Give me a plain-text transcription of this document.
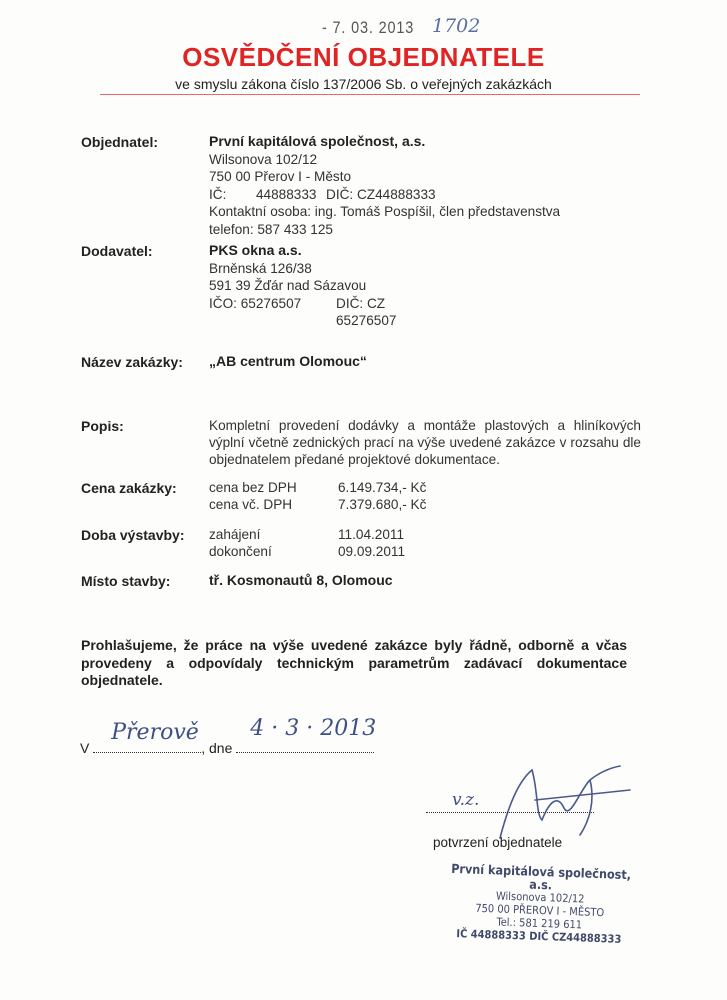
- 7. 03. 2013 1702
OSVĚDČENÍ OBJEDNATELE
ve smyslu zákona číslo 137/2006 Sb. o veřejných zakázkách
Objednatel:	První kapitálová společnost, a.s.
Wilsonova 102/12
750 00 Přerov I - Město
IČ: 44888333 DIČ: CZ44888333
Kontaktní osoba: ing. Tomáš Pospíšil, člen představenstva
telefon: 587 433 125
Dodavatel:	PKS okna a.s.
Brněnská 126/38
591 39 Žďár nad Sázavou
IČO: 65276507	DIČ: CZ 65276507
Název zakázky: „AB centrum Olomouc“
Popis:	Kompletní provedení dodávky a montáže plastových a hliníkových výplní včetně zednických prací na výše uvedené zakázce v rozsahu dle objednatelem předané projektové dokumentace.
Cena zakázky: cena bez DPH	6.149.734,- Kč
cena vč. DPH	7.379.680,- Kč
Doba výstavby: zahájení	11.04.2011
dokončení	09.09.2011
Místo stavby:	tř. Kosmonautů 8, Olomouc
Prohlašujeme, že práce na výše uvedené zakázce byly řádně, odborně a včas provedeny a odpovídaly technickým parametrům zadávací dokumentace objednatele.
V
Přerově
, dne
4 · 3 · 2013
v.z.
potvrzení objednatele
První kapitálová společnost, a.s.
Wilsonova 102/12
750 00 PŘEROV I - MĚSTO
Tel.: 581 219 611
IČ 44888333 DIČ CZ44888333
